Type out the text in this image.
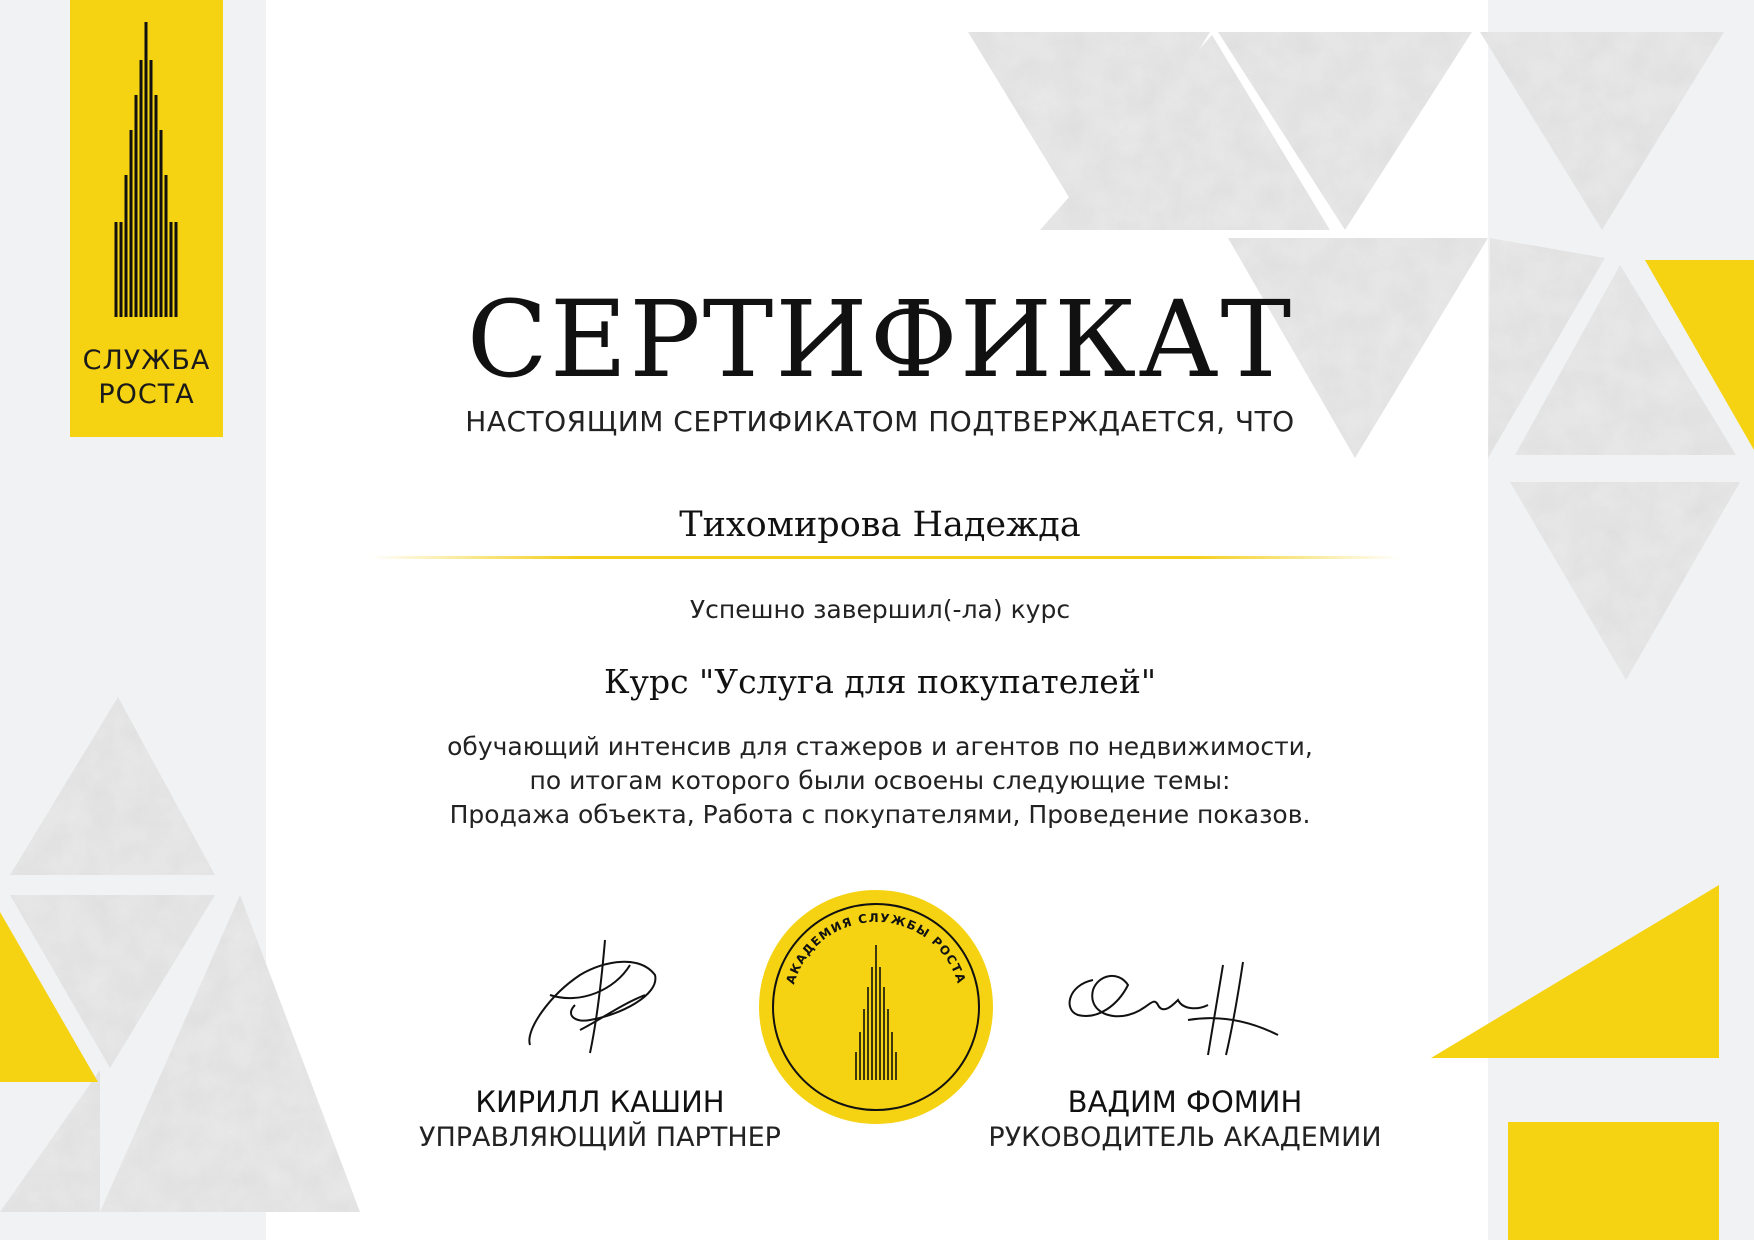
СЛУЖБА
РОСТА	СЕРТИФИКАТ
НАСТОЯЩИМ СЕРТИФИКАТОМ ПОДТВЕРЖДАЕТСЯ, ЧТО
Тихомирова Надежда
Успешно завершил(-ла) курс
Курс "Услуга для покупателей"
обучающий интенсив для стажеров и агентов по недвижимости,
по итогам которого были освоены следующие темы:
Продажа объекта, Работа с покупателями, Проведение показов.
АКАДЕМИЯ СЛУЖБЫ РОСТА
КИРИЛЛ КАШИН
УПРАВЛЯЮЩИЙ ПАРТНЕР
ВАДИМ ФОМИН
РУКОВОДИТЕЛЬ АКАДЕМИИ
